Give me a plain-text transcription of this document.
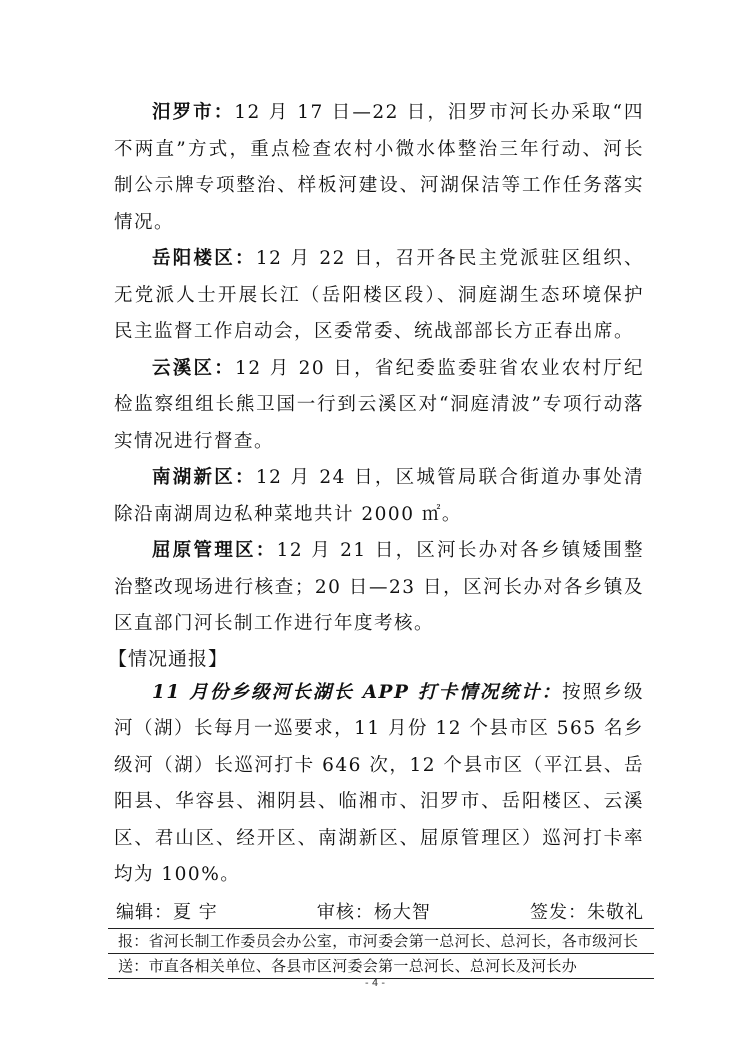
汨罗市：12 月 17 日—22 日，汨罗市河长办采取“四不两直”方式，重点检查农村小微水体整治三年行动、河长制公示牌专项整治、样板河建设、河湖保洁等工作任务落实情况。

岳阳楼区：12 月 22 日，召开各民主党派驻区组织、无党派人士开展长江（岳阳楼区段）、洞庭湖生态环境保护民主监督工作启动会，区委常委、统战部部长方正春出席。

云溪区：12 月 20 日，省纪委监委驻省农业农村厅纪检监察组组长熊卫国一行到云溪区对“洞庭清波”专项行动落实情况进行督查。

南湖新区：12 月 24 日，区城管局联合街道办事处清除沿南湖周边私种菜地共计 2000 ㎡。

屈原管理区：12 月 21 日，区河长办对各乡镇矮围整治整改现场进行核查；20 日—23 日，区河长办对各乡镇及区直部门河长制工作进行年度考核。

【情况通报】

11 月份乡级河长湖长 APP 打卡情况统计：按照乡级河（湖）长每月一巡要求，11 月份 12 个县市区 565 名乡级河（湖）长巡河打卡 646 次，12 个县市区（平江县、岳阳县、华容县、湘阴县、临湘市、汨罗市、岳阳楼区、云溪区、君山区、经开区、南湖新区、屈原管理区）巡河打卡率均为 100%。

编辑：夏 宇	审核：杨大智	签发：朱敬礼
报：省河长制工作委员会办公室，市河委会第一总河长、总河长，各市级河长
送：市直各相关单位、各县市区河委会第一总河长、总河长及河长办
- 4 -
